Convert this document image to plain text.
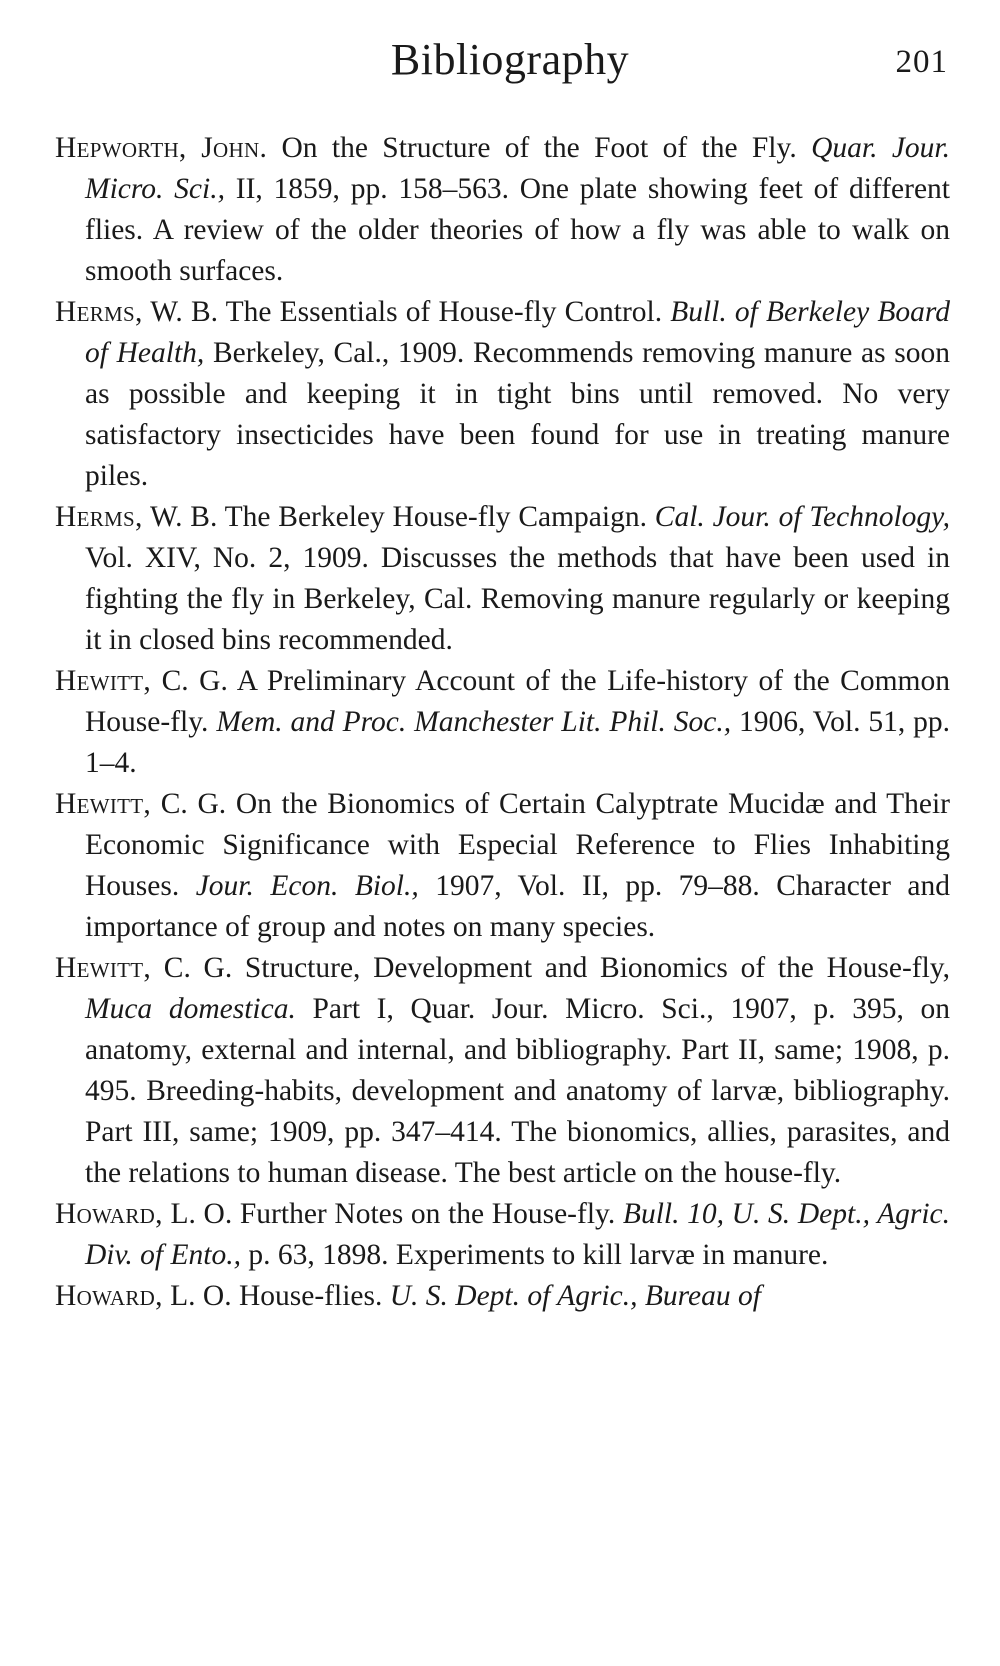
Bibliography	201

Hepworth, John. On the Structure of the Foot of the Fly. Quar. Jour. Micro. Sci., II, 1859, pp. 158–563. One plate showing feet of different flies. A review of the older theories of how a fly was able to walk on smooth surfaces.

Herms, W. B. The Essentials of House-fly Control. Bull. of Berkeley Board of Health, Berkeley, Cal., 1909. Recommends removing manure as soon as possible and keeping it in tight bins until removed. No very satisfactory insecticides have been found for use in treating manure piles.

Herms, W. B. The Berkeley House-fly Campaign. Cal. Jour. of Technology, Vol. XIV, No. 2, 1909. Discusses the methods that have been used in fighting the fly in Berkeley, Cal. Removing manure regularly or keeping it in closed bins recommended.

Hewitt, C. G. A Preliminary Account of the Life-history of the Common House-fly. Mem. and Proc. Manchester Lit. Phil. Soc., 1906, Vol. 51, pp. 1–4.

Hewitt, C. G. On the Bionomics of Certain Calyptrate Mucidæ and Their Economic Significance with Especial Reference to Flies Inhabiting Houses. Jour. Econ. Biol., 1907, Vol. II, pp. 79–88. Character and importance of group and notes on many species.

Hewitt, C. G. Structure, Development and Bionomics of the House-fly, Muca domestica. Part I, Quar. Jour. Micro. Sci., 1907, p. 395, on anatomy, external and internal, and bibliography. Part II, same; 1908, p. 495. Breeding-habits, development and anatomy of larvæ, bibliography. Part III, same; 1909, pp. 347–414. The bionomics, allies, parasites, and the relations to human disease. The best article on the house-fly.

Howard, L. O. Further Notes on the House-fly. Bull. 10, U. S. Dept., Agric. Div. of Ento., p. 63, 1898. Experiments to kill larvæ in manure.

Howard, L. O. House-flies. U. S. Dept. of Agric., Bureau of
